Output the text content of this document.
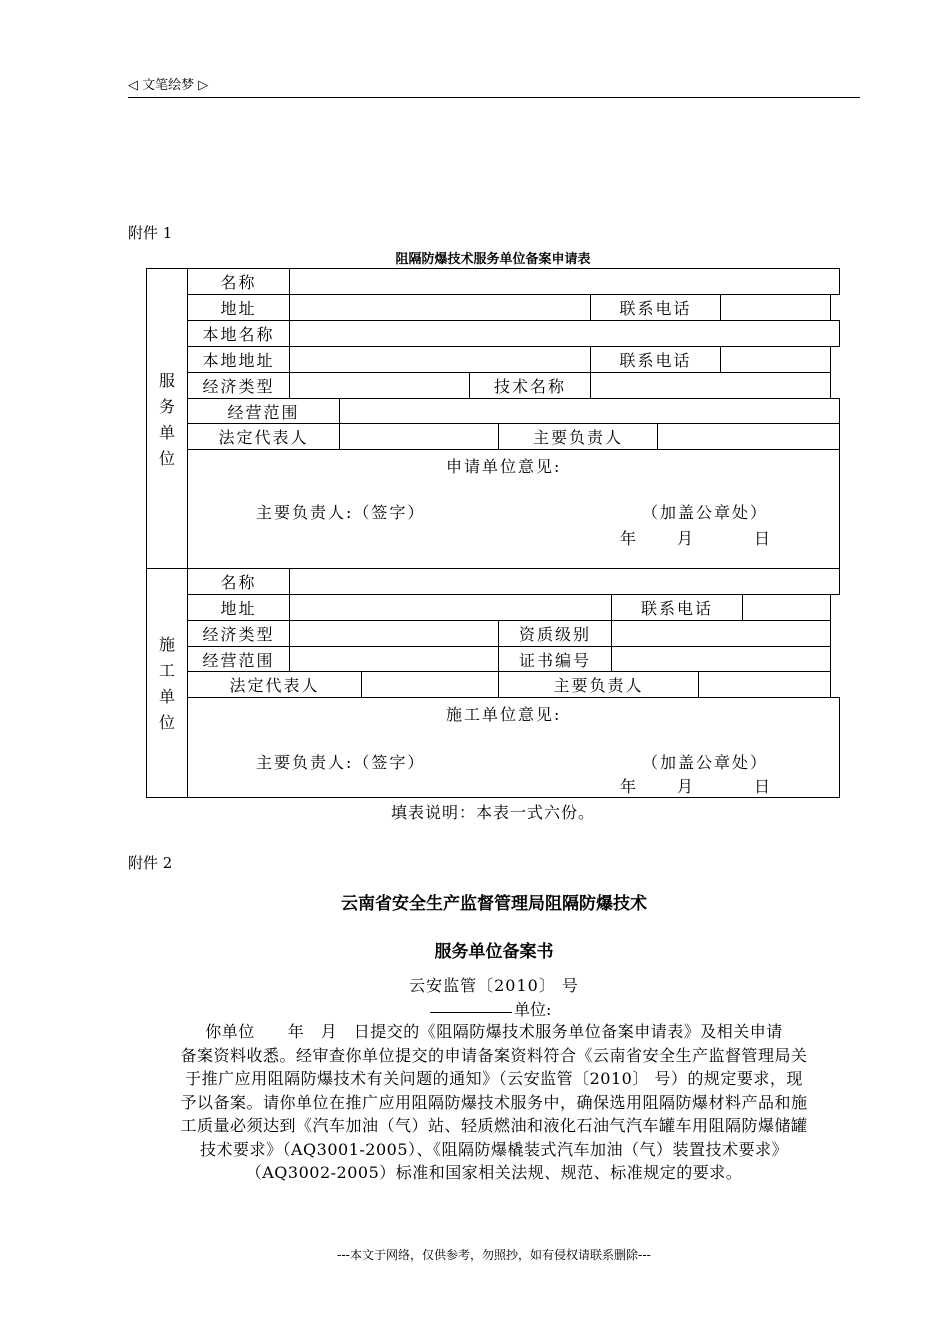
◁ 文笔绘梦 ▷
附件 1
阻隔防爆技术服务单位备案申请表
服
务
单
位
名称
地址	联系电话
本地名称
本地地址	联系电话
经济类型	技术名称
经营范围
法定代表人	主要负责人
申请单位意见:
主要负责人:（签字）	（加盖公章处）
年 月	日
施
工
单
位
名称
地址	联系电话
经济类型	资质级别
经营范围	证书编号
法定代表人	主要负责人
施工单位意见:
主要负责人:（签字）	（加盖公章处）
年 月	日
填表说明：本表一式六份。
附件 2
云南省安全生产监督管理局阻隔防爆技术
服务单位备案书
云安监管〔2010〕 号
单位:
你单位　　年　月　日提交的《阻隔防爆技术服务单位备案申请表》及相关申请
备案资料收悉。经审查你单位提交的申请备案资料符合《云南省安全生产监督管理局关
于推广应用阻隔防爆技术有关问题的通知》（云安监管〔2010〕 号）的规定要求，现
予以备案。请你单位在推广应用阻隔防爆技术服务中，确保选用阻隔防爆材料产品和施
工质量必须达到《汽车加油（气）站、轻质燃油和液化石油气汽车罐车用阻隔防爆储罐
技术要求》（AQ3001-2005）、《阻隔防爆橇装式汽车加油（气）装置技术要求》
（AQ3002-2005）标准和国家相关法规、规范、标准规定的要求。
---本文于网络，仅供参考，勿照抄，如有侵权请联系删除---
